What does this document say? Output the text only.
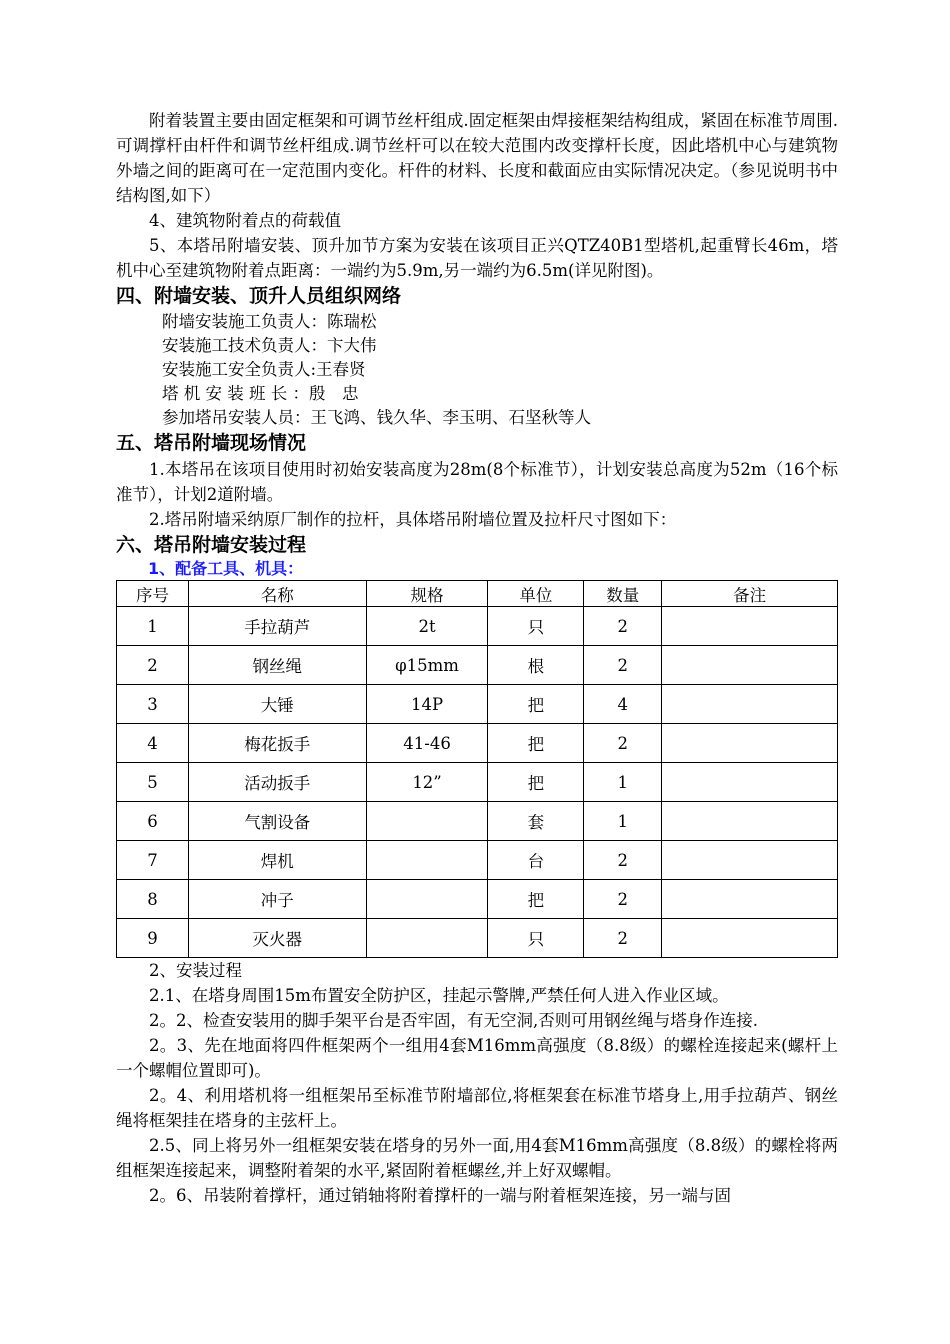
附着装置主要由固定框架和可调节丝杆组成.固定框架由焊接框架结构组成，紧固在标准节周围.可调撑杆由杆件和调节丝杆组成.调节丝杆可以在较大范围内改变撑杆长度，因此塔机中心与建筑物外墙之间的距离可在一定范围内变化。杆件的材料、长度和截面应由实际情况决定。（参见说明书中结构图,如下）

4、建筑物附着点的荷载值

5、本塔吊附墙安装、顶升加节方案为安装在该项目正兴QTZ40B1型塔机,起重臂长46m，塔机中心至建筑物附着点距离：一端约为5.9m,另一端约为6.5m(详见附图)。

四、附墙安装、顶升人员组织网络

附墙安装施工负责人：陈瑞松

安装施工技术负责人：卞大伟

安装施工安全负责人:王春贤

塔 机 安 装 班 长 ：殷　忠

参加塔吊安装人员：王飞鸿、钱久华、李玉明、石坚秋等人

五、塔吊附墙现场情况

1.本塔吊在该项目使用时初始安装高度为28m(8个标准节），计划安装总高度为52m（16个标准节），计划2道附墙。

2.塔吊附墙采纳原厂制作的拉杆，具体塔吊附墙位置及拉杆尺寸图如下：

六、塔吊附墙安装过程
1、配备工具、机具：
序号	名称	规格	单位	数量	备注
1	手拉葫芦	2t	只	2	
2	钢丝绳	φ15mm	根	2	
3	大锤	14P	把	4	
4	梅花扳手	41-46	把	2	
5	活动扳手	12”	把	1	
6	气割设备		套	1	
7	焊机		台	2	
8	冲子		把	2	
9	灭火器		只	2	

2、安装过程

2.1、在塔身周围15m布置安全防护区，挂起示警牌,严禁任何人进入作业区域。

2。2、检查安装用的脚手架平台是否牢固，有无空洞,否则可用钢丝绳与塔身作连接.

2。3、先在地面将四件框架两个一组用4套M16mm高强度（8.8级）的螺栓连接起来(螺杆上一个螺帽位置即可)。

2。4、利用塔机将一组框架吊至标准节附墙部位,将框架套在标准节塔身上,用手拉葫芦、钢丝绳将框架挂在塔身的主弦杆上。

2.5、同上将另外一组框架安装在塔身的另外一面,用4套M16mm高强度（8.8级）的螺栓将两组框架连接起来，调整附着架的水平,紧固附着框螺丝,并上好双螺帽。

2。6、吊装附着撑杆，通过销轴将附着撑杆的一端与附着框架连接，另一端与固
